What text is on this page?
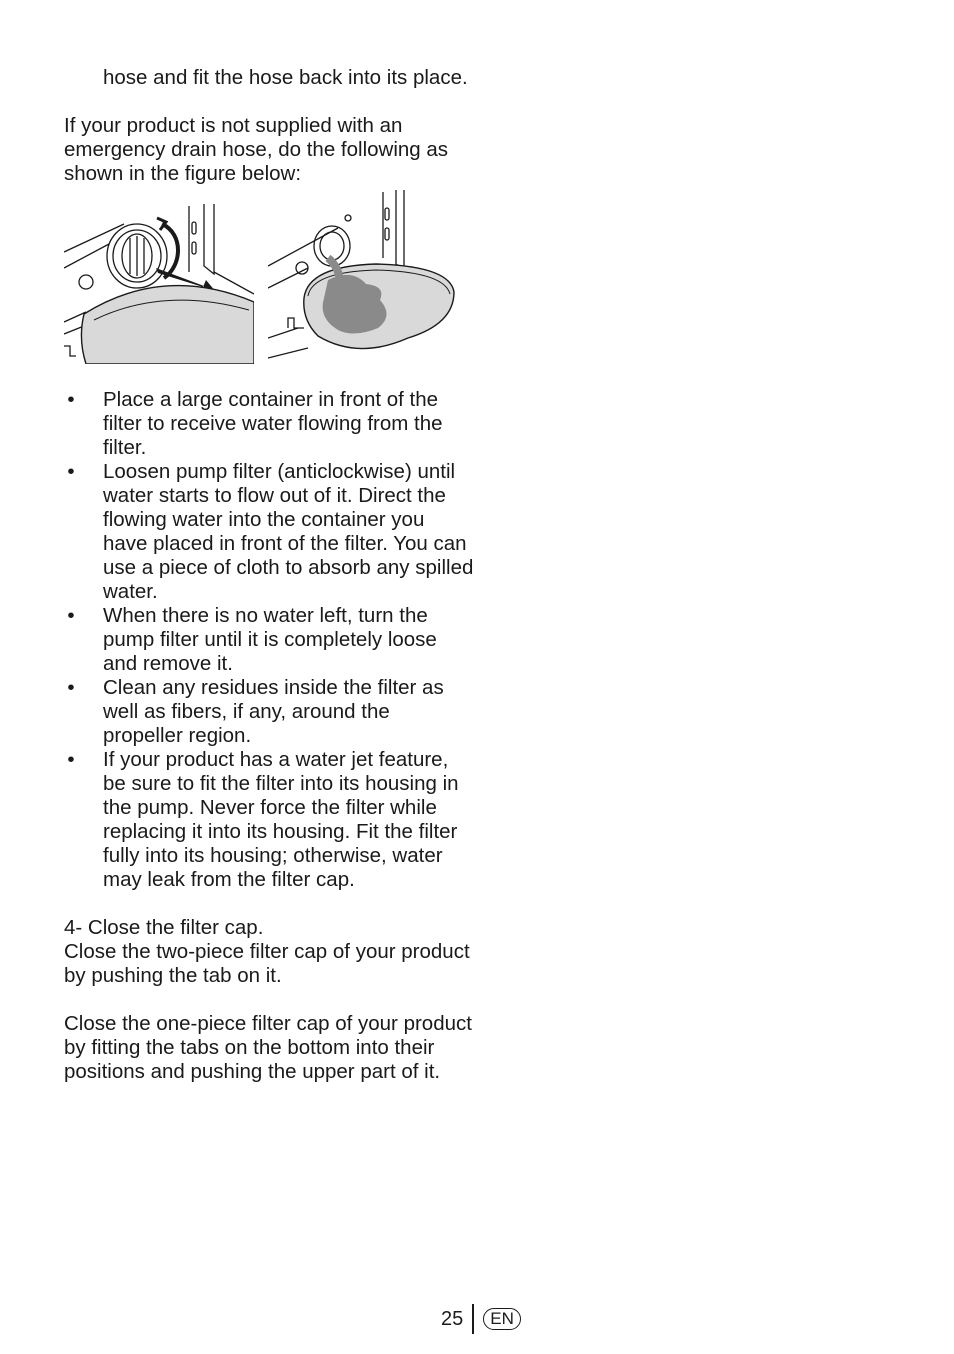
hose and fit the hose back into its place.

If your product is not supplied with an emergency drain hose, do the following as shown in the figure below:

• Place a large container in front of the filter to receive water flowing from the filter.
• Loosen pump filter (anticlockwise) until water starts to flow out of it. Direct the flowing water into the container you have placed in front of the filter. You can use a piece of cloth to absorb any spilled water.
• When there is no water left, turn the pump filter until it is completely loose and remove it.
• Clean any residues inside the filter as well as fibers, if any, around the propeller region.
• If your product has a water jet feature, be sure to fit the filter into its housing in the pump. Never force the filter while replacing it into its housing. Fit the filter fully into its housing; otherwise, water may leak from the filter cap.

4- Close the filter cap.

Close the two-piece filter cap of your product by pushing the tab on it.

Close the one-piece filter cap of your product by fitting the tabs on the bottom into their positions and pushing the upper part of it.

25	EN
